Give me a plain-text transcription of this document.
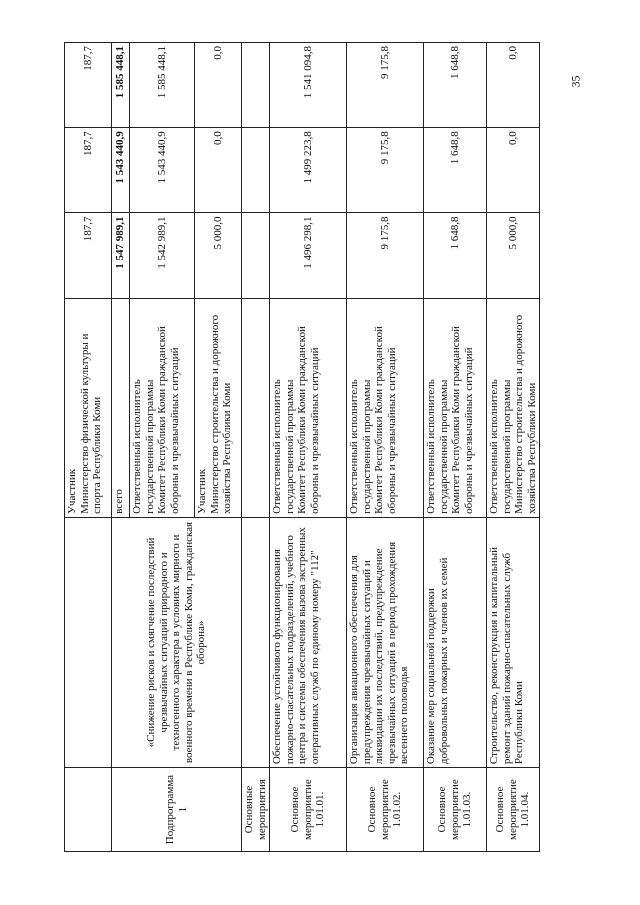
35
		Участник
Министерство физической культуры и спорта Республики Коми	187,7	187,7	187,7
Подпрограмма 1	«Снижение рисков и смягчение последствий чрезвычайных ситуаций природного и техногенного характера в условиях мирного и военного времени в Республике Коми, гражданская оборона»	всего	1 547 989,1	1 543 440,9	1 585 448,1
		Ответственный исполнитель государственной программы
Комитет Республики Коми гражданской обороны и чрезвычайных ситуаций	1 542 989,1	1 543 440,9	1 585 448,1
		Участник
Министерство строительства и дорожного хозяйства Республики Коми	5 000,0	0,0	0,0
Основные мероприятия					
Основное мероприятие 1.01.01.	Обеспечение устойчивого функционирования пожарно-спасательных подразделений, учебного центра и системы обеспечения вызова экстренных оперативных служб по единому номеру "112"	Ответственный исполнитель государственной программы
Комитет Республики Коми гражданской обороны и чрезвычайных ситуаций	1 496 298,1	1 499 223,8	1 541 094,8
Основное мероприятие 1.01.02.	Организация авиационного обеспечения для предупреждения чрезвычайных ситуаций и ликвидации их последствий, предупреждение чрезвычайных ситуаций в период прохождения весеннего половодья	Ответственный исполнитель государственной программы
Комитет Республики Коми гражданской обороны и чрезвычайных ситуаций	9 175,8	9 175,8	9 175,8
Основное мероприятие 1.01.03.	Оказание мер социальной поддержки добровольных пожарных и членов их семей	Ответственный исполнитель государственной программы
Комитет Республики Коми гражданской обороны и чрезвычайных ситуаций	1 648,8	1 648,8	1 648,8
Основное мероприятие 1.01.04.	Строительство, реконструкция и капитальный ремонт зданий пожарно-спасательных служб Республики Коми	Ответственный исполнитель государственной программы
Министерство строительства и дорожного хозяйства Республики Коми	5 000,0	0,0	0,0
